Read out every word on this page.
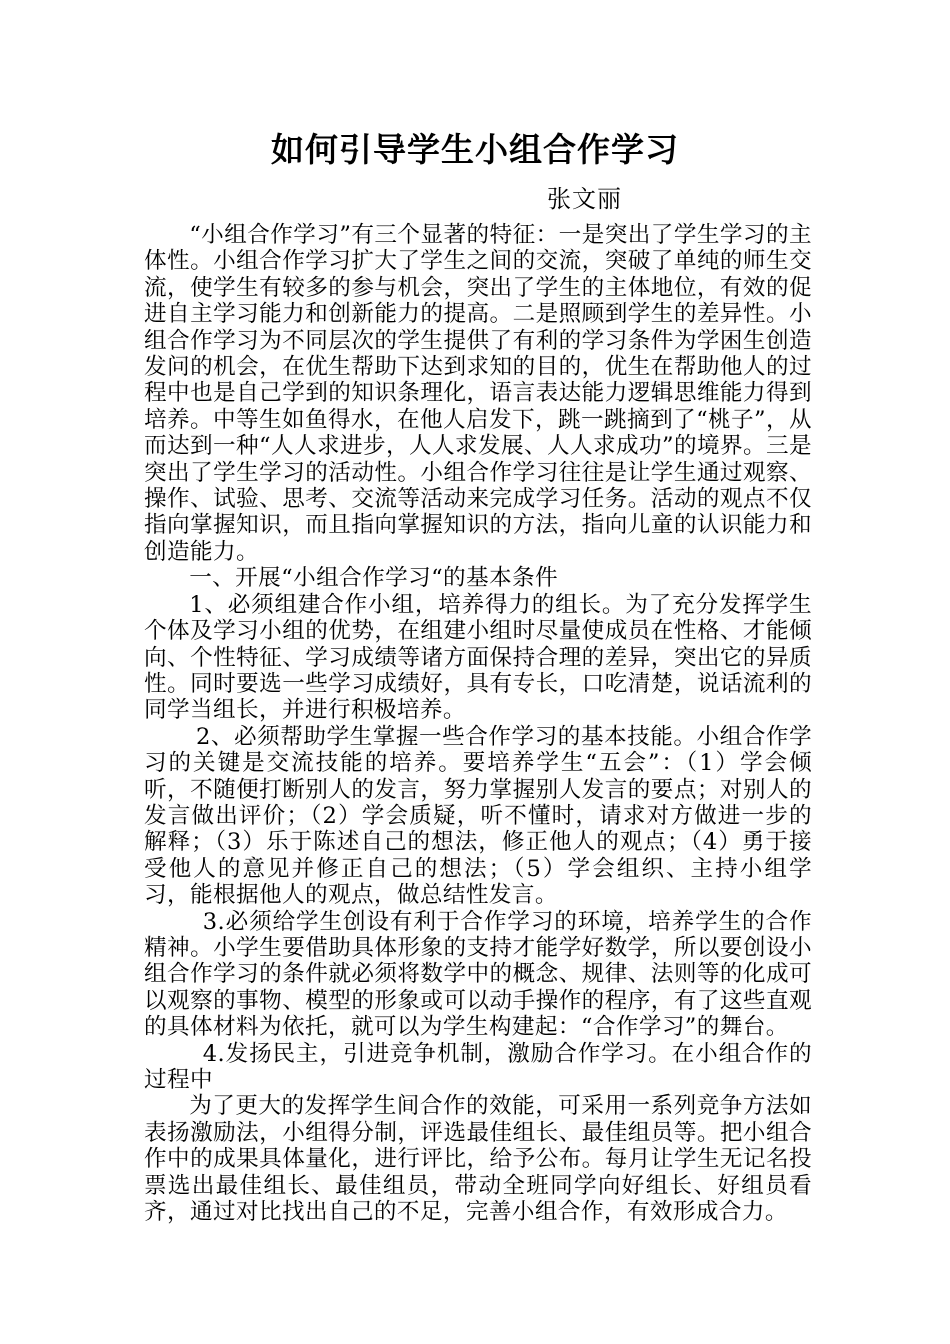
如何引导学生小组合作学习
张文丽

“小组合作学习”有三个显著的特征：一是突出了学生学习的主体性。小组合作学习扩大了学生之间的交流，突破了单纯的师生交流，使学生有较多的参与机会，突出了学生的主体地位，有效的促进自主学习能力和创新能力的提高。二是照顾到学生的差异性。小组合作学习为不同层次的学生提供了有利的学习条件为学困生创造发问的机会，在优生帮助下达到求知的目的，优生在帮助他人的过程中也是自己学到的知识条理化，语言表达能力逻辑思维能力得到培养。中等生如鱼得水，在他人启发下，跳一跳摘到了“桃子”，从而达到一种“人人求进步，人人求发展、人人求成功”的境界。三是突出了学生学习的活动性。小组合作学习往往是让学生通过观察、操作、试验、思考、交流等活动来完成学习任务。活动的观点不仅指向掌握知识，而且指向掌握知识的方法，指向儿童的认识能力和创造能力。

一、开展“小组合作学习“的基本条件

1、必须组建合作小组，培养得力的组长。为了充分发挥学生个体及学习小组的优势，在组建小组时尽量使成员在性格、才能倾向、个性特征、学习成绩等诸方面保持合理的差异，突出它的异质性。同时要选一些学习成绩好，具有专长，口吃清楚，说话流利的同学当组长，并进行积极培养。

2、必须帮助学生掌握一些合作学习的基本技能。小组合作学习的关键是交流技能的培养。要培养学生“五会”：（1）学会倾听，不随便打断别人的发言，努力掌握别人发言的要点；对别人的发言做出评价；（2）学会质疑，听不懂时，请求对方做进一步的解释；（3）乐于陈述自己的想法，修正他人的观点；（4）勇于接受他人的意见并修正自己的想法；（5）学会组织、主持小组学习，能根据他人的观点，做总结性发言。

3.必须给学生创设有利于合作学习的环境，培养学生的合作精神。小学生要借助具体形象的支持才能学好数学，所以要创设小组合作学习的条件就必须将数学中的概念、规律、法则等的化成可以观察的事物、模型的形象或可以动手操作的程序，有了这些直观的具体材料为依托，就可以为学生构建起：“合作学习”的舞台。

4.发扬民主，引进竞争机制，激励合作学习。在小组合作的过程中

为了更大的发挥学生间合作的效能，可采用一系列竞争方法如表扬激励法，小组得分制，评选最佳组长、最佳组员等。把小组合作中的成果具体量化，进行评比，给予公布。每月让学生无记名投票选出最佳组长、最佳组员，带动全班同学向好组长、好组员看齐，通过对比找出自己的不足，完善小组合作，有效形成合力。
